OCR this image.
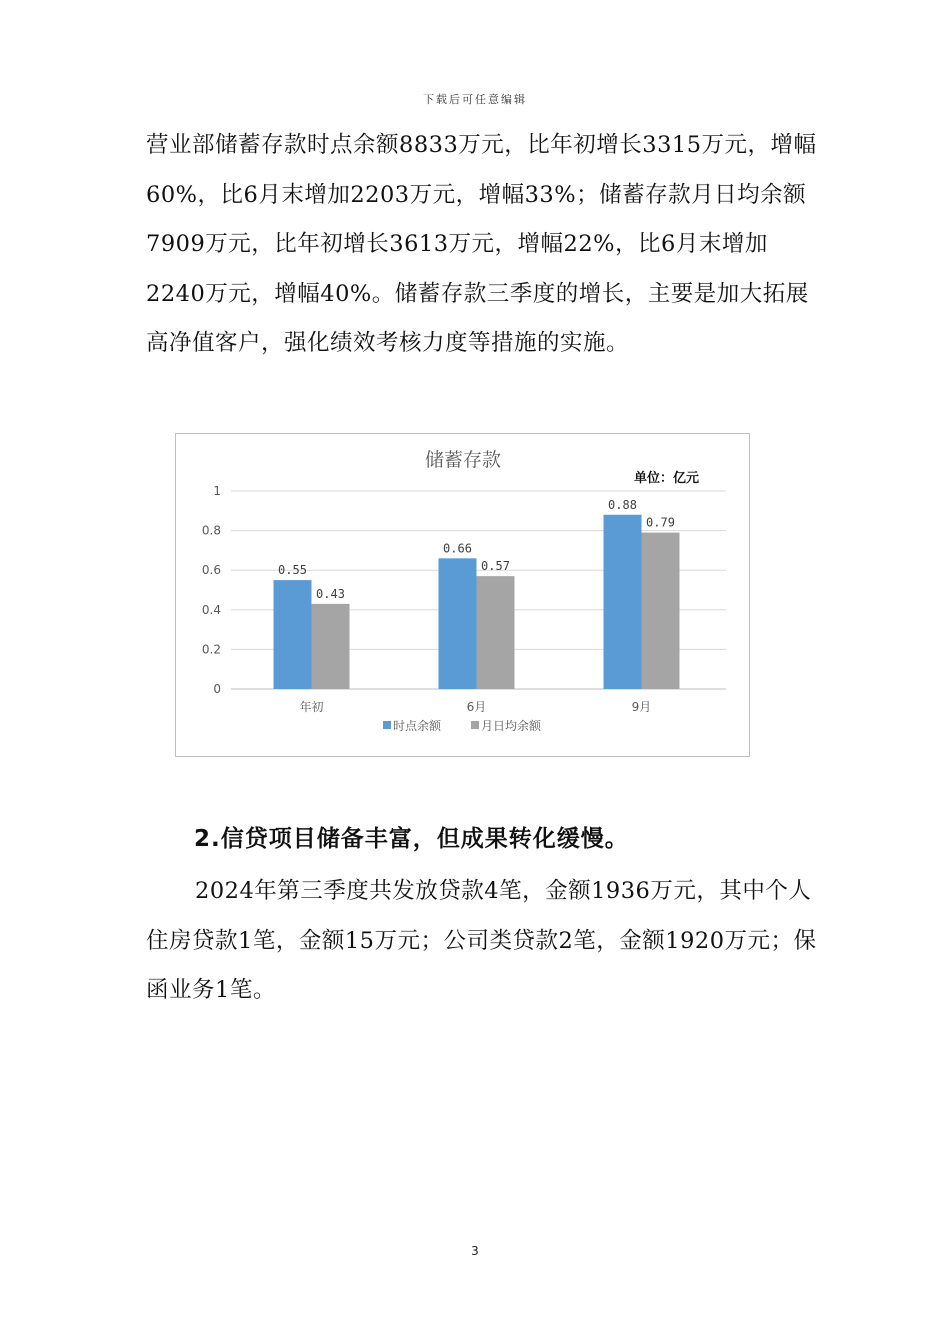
下载后可任意编辑

营业部储蓄存款时点余额8833万元，比年初增长3315万元，增幅60%，比6月末增加2203万元，增幅33%；储蓄存款月日均余额7909万元，比年初增长3613万元，增幅22%，比6月末增加2240万元，增幅40%。储蓄存款三季度的增长，主要是加大拓展高净值客户，强化绩效考核力度等措施的实施。

储蓄存款
单位：亿元
0
0.2
0.4
0.6
0.8
1
0.55
0.43
0.66
0.57
0.88
0.79
年初	6月	9月
时点余额	月日均余额
2.信贷项目储备丰富，但成果转化缓慢。

2024年第三季度共发放贷款4笔，金额1936万元，其中个人住房贷款1笔，金额15万元；公司类贷款2笔，金额1920万元；保函业务1笔。

3
